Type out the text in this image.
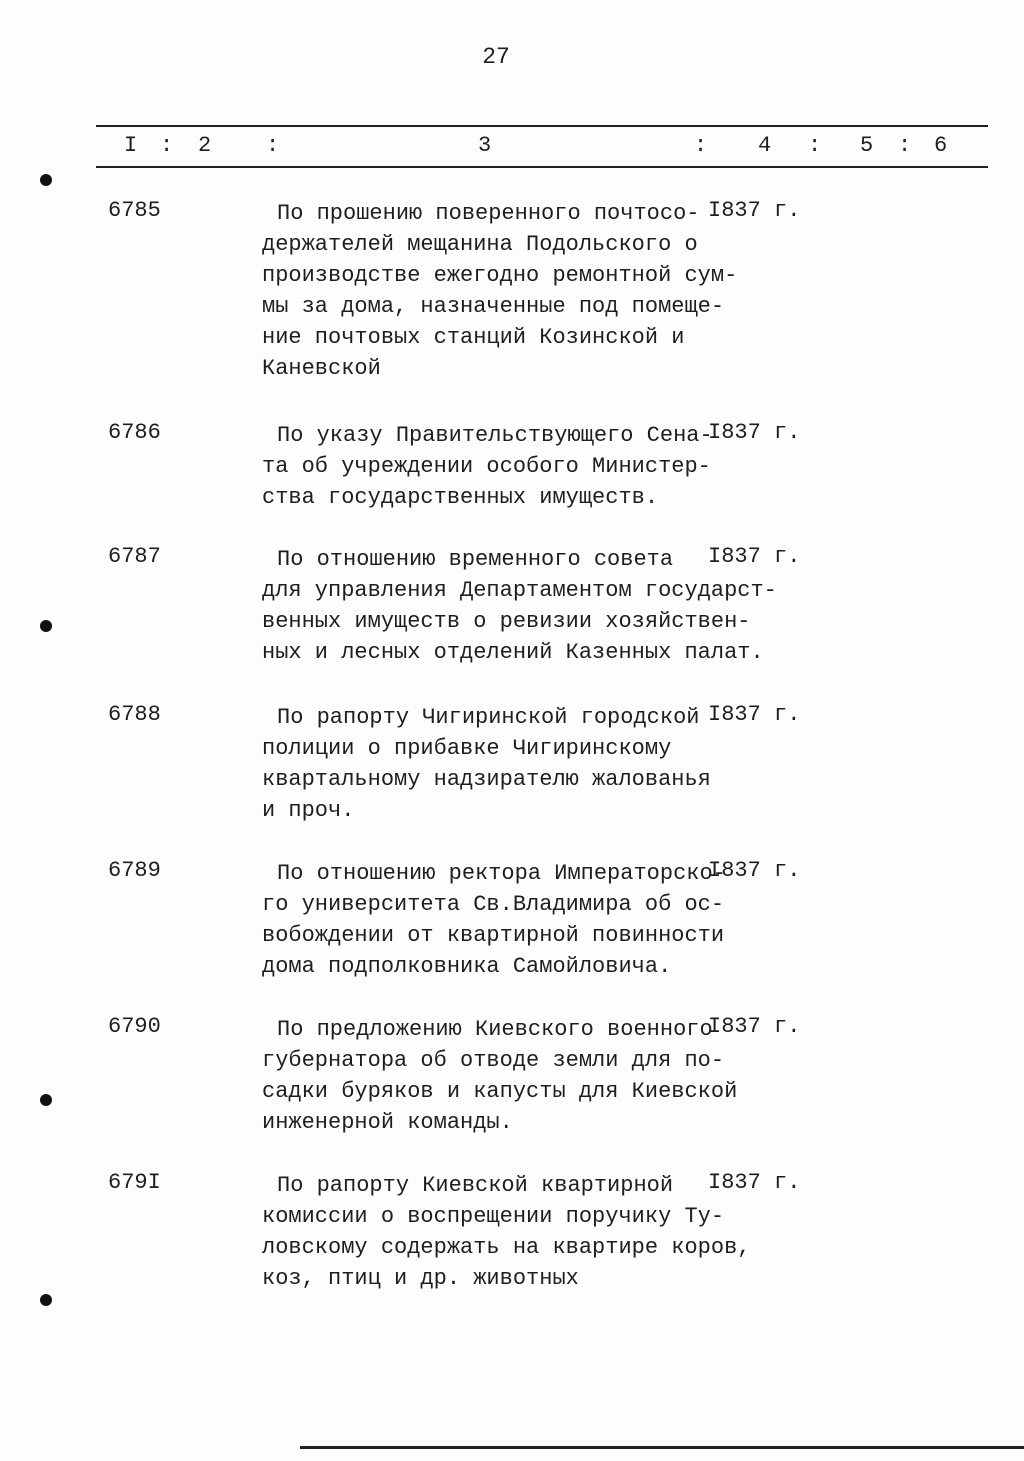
27
I : 2 :	3	: 4 : 5 : 6
6785	По прошению поверенного почтосо-
держателей мещанина Подольского о
производстве ежегодно ремонтной сум-
мы за дома, назначенные под помеще-
ние почтовых станций Козинской и
Каневской
I837 г.
6786	По указу Правительствующего Сена-
та об учреждении особого Министер-
ства государственных имуществ.
I837 г.
6787	По отношению временного совета
для управления Департаментом государст-
венных имуществ о ревизии хозяйствен-
ных и лесных отделений Казенных палат.
I837 г.
6788	По рапорту Чигиринской городской
полиции о прибавке Чигиринскому
квартальному надзирателю жалованья
и проч.
I837 г.
6789	По отношению ректора Императорско-
го университета Св.Владимира об ос-
вобождении от квартирной повинности
дома подполковника Самойловича.
I837 г.
6790	По предложению Киевского военного
губернатора об отводе земли для по-
садки буряков и капусты для Киевской
инженерной команды.
I837 г.
679I	По рапорту Киевской квартирной
комиссии о воспрещении поручику Ту-
ловскому содержать на квартире коров,
коз, птиц и др. животных
I837 г.
